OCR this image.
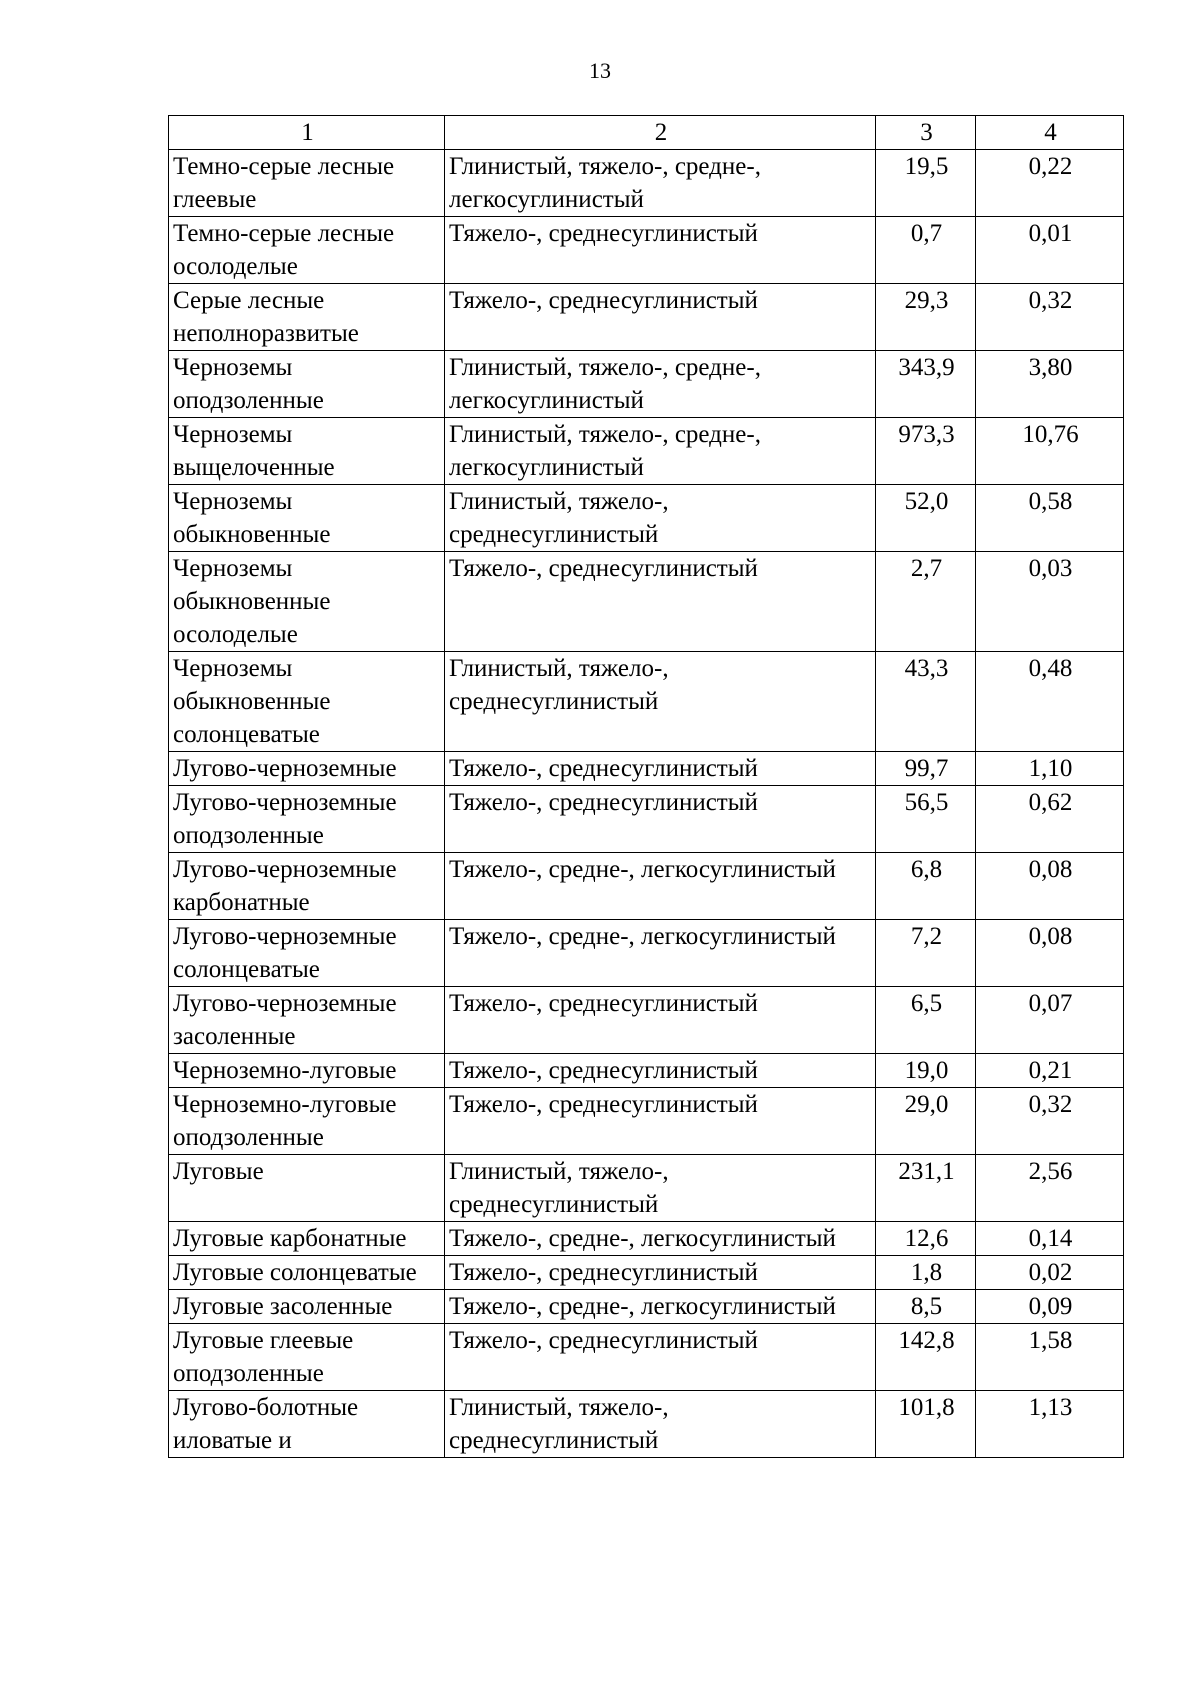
13
1	2	3	4
Темно-серые лесные глеевые	Глинистый, тяжело-, средне-, легкосуглинистый	19,5	0,22
Темно-серые лесные осолоделые	Тяжело-, среднесуглинистый	0,7	0,01
Серые лесные неполноразвитые	Тяжело-, среднесуглинистый	29,3	0,32
Черноземы оподзоленные	Глинистый, тяжело-, средне-, легкосуглинистый	343,9	3,80
Черноземы выщелоченные	Глинистый, тяжело-, средне-, легкосуглинистый	973,3	10,76
Черноземы обыкновенные	Глинистый, тяжело-, среднесуглинистый	52,0	0,58
Черноземы обыкновенные осолоделые	Тяжело-, среднесуглинистый	2,7	0,03
Черноземы обыкновенные солонцеватые	Глинистый, тяжело-, среднесуглинистый	43,3	0,48
Лугово-черноземные	Тяжело-, среднесуглинистый	99,7	1,10
Лугово-черноземные оподзоленные	Тяжело-, среднесуглинистый	56,5	0,62
Лугово-черноземные карбонатные	Тяжело-, средне-, легкосуглинистый	6,8	0,08
Лугово-черноземные солонцеватые	Тяжело-, средне-, легкосуглинистый	7,2	0,08
Лугово-черноземные засоленные	Тяжело-, среднесуглинистый	6,5	0,07
Черноземно-луговые	Тяжело-, среднесуглинистый	19,0	0,21
Черноземно-луговые оподзоленные	Тяжело-, среднесуглинистый	29,0	0,32
Луговые	Глинистый, тяжело-, среднесуглинистый	231,1	2,56
Луговые карбонатные	Тяжело-, средне-, легкосуглинистый	12,6	0,14
Луговые солонцеватые	Тяжело-, среднесуглинистый	1,8	0,02
Луговые засоленные	Тяжело-, средне-, легкосуглинистый	8,5	0,09
Луговые глеевые оподзоленные	Тяжело-, среднесуглинистый	142,8	1,58
Лугово-болотные иловатые и	Глинистый, тяжело-, среднесуглинистый	101,8	1,13
